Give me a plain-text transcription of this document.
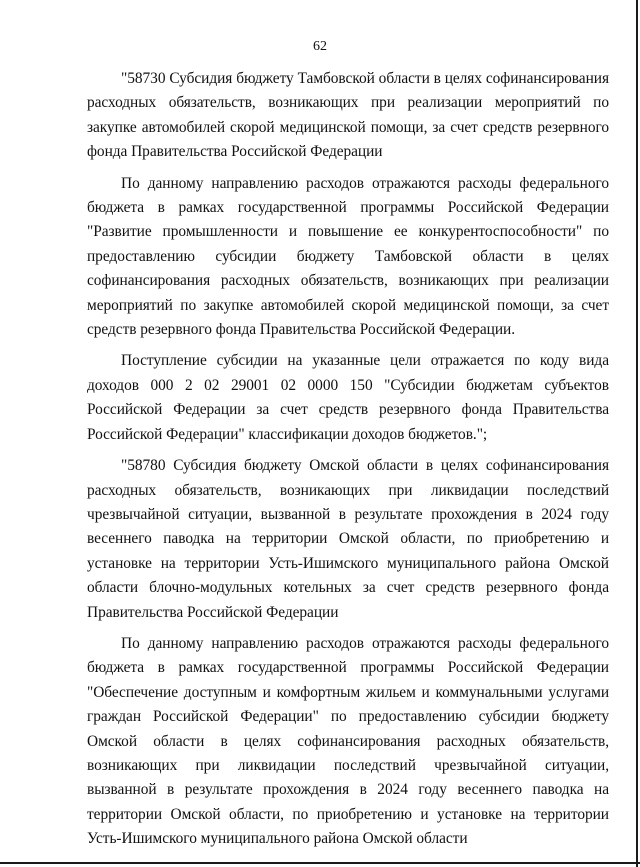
62

"58730 Субсидия бюджету Тамбовской области в целях софинансирования расходных обязательств, возникающих при реализации мероприятий по закупке автомобилей скорой медицинской помощи, за счет средств резервного фонда Правительства Российской Федерации

По данному направлению расходов отражаются расходы федерального бюджета в рамках государственной программы Российской Федерации "Развитие промышленности и повышение ее конкурентоспособности" по предоставлению субсидии бюджету Тамбовской области в целях софинансирования расходных обязательств, возникающих при реализации мероприятий по закупке автомобилей скорой медицинской помощи, за счет средств резервного фонда Правительства Российской Федерации.

Поступление субсидии на указанные цели отражается по коду вида доходов 000 2 02 29001 02 0000 150 "Субсидии бюджетам субъектов Российской Федерации за счет средств резервного фонда Правительства Российской Федерации" классификации доходов бюджетов.";

"58780 Субсидия бюджету Омской области в целях софинансирования расходных обязательств, возникающих при ликвидации последствий чрезвычайной ситуации, вызванной в результате прохождения в 2024 году весеннего паводка на территории Омской области, по приобретению и установке на территории Усть-Ишимского муниципального района Омской области блочно-модульных котельных за счет средств резервного фонда Правительства Российской Федерации

По данному направлению расходов отражаются расходы федерального бюджета в рамках государственной программы Российской Федерации "Обеспечение доступным и комфортным жильем и коммунальными услугами граждан Российской Федерации" по предоставлению субсидии бюджету Омской области в целях софинансирования расходных обязательств, возникающих при ликвидации последствий чрезвычайной ситуации, вызванной в результате прохождения в 2024 году весеннего паводка на территории Омской области, по приобретению и установке на территории Усть-Ишимского муниципального района Омской области
